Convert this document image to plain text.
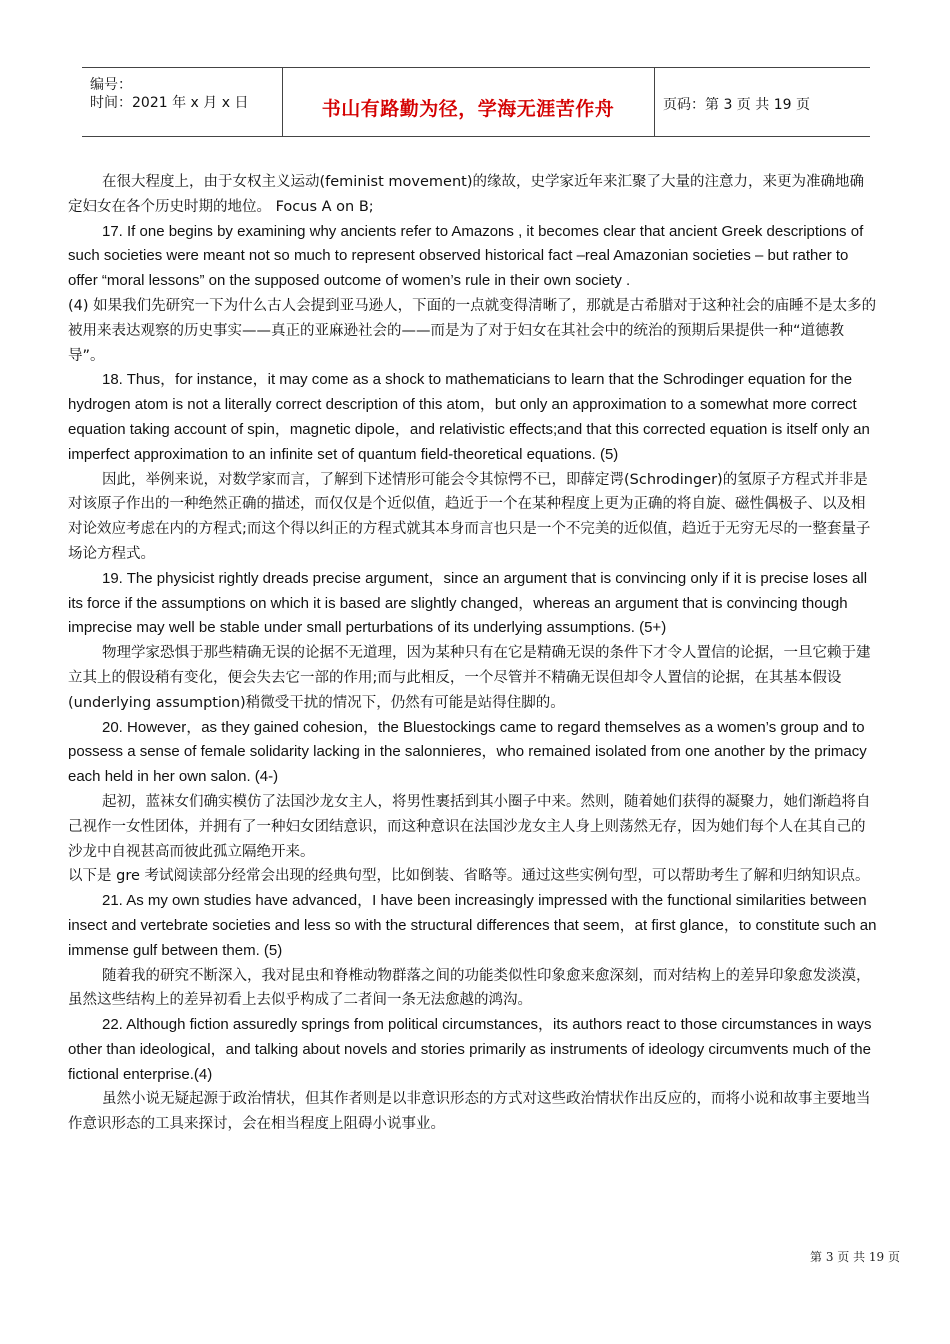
编号：
时间：2021 年 x 月 x 日	书山有路勤为径，学海无涯苦作舟	页码：第 3 页 共 19 页

在很大程度上，由于女权主义运动(feminist movement)的缘故，史学家近年来汇聚了大量的注意力，来更为准确地确定妇女在各个历史时期的地位。 Focus A on B;

17. If one begins by examining why ancients refer to Amazons , it becomes clear that ancient Greek descriptions of such societies were meant not so much to represent observed historical fact –real Amazonian societies – but rather to offer “moral lessons” on the supposed outcome of women’s rule in their own society .

(4) 如果我们先研究一下为什么古人会提到亚马逊人，下面的一点就变得清晰了，那就是古希腊对于这种社会的庙睡不是太多的被用来表达观察的历史事实——真正的亚麻逊社会的——而是为了对于妇女在其社会中的统治的预期后果提供一种“道德教导”。

18. Thus，for instance，it may come as a shock to mathematicians to learn that the Schrodinger equation for the hydrogen atom is not a literally correct description of this atom，but only an approximation to a somewhat more correct equation taking account of spin，magnetic dipole，and relativistic effects;and that this corrected equation is itself only an imperfect approximation to an infinite set of quantum field-theoretical equations. (5)

因此，举例来说，对数学家而言，了解到下述情形可能会令其惊愕不已，即薛定谔(Schrodinger)的氢原子方程式并非是对该原子作出的一种绝然正确的描述，而仅仅是个近似值，趋近于一个在某种程度上更为正确的将自旋、磁性偶极子、以及相对论效应考虑在内的方程式;而这个得以纠正的方程式就其本身而言也只是一个不完美的近似值，趋近于无穷无尽的一整套量子场论方程式。

19. The physicist rightly dreads precise argument，since an argument that is convincing only if it is precise loses all its force if the assumptions on which it is based are slightly changed，whereas an argument that is convincing though imprecise may well be stable under small perturbations of its underlying assumptions. (5+)

物理学家恐惧于那些精确无误的论据不无道理，因为某种只有在它是精确无误的条件下才令人置信的论据，一旦它赖于建立其上的假设稍有变化，便会失去它一部的作用;而与此相反，一个尽管并不精确无误但却令人置信的论据，在其基本假设(underlying assumption)稍微受干扰的情况下，仍然有可能是站得住脚的。

20. However，as they gained cohesion，the Bluestockings came to regard themselves as a women’s group and to possess a sense of female solidarity lacking in the salonnieres，who remained isolated from one another by the primacy each held in her own salon. (4-)

起初，蓝袜女们确实模仿了法国沙龙女主人，将男性裹括到其小圈子中来。然则，随着她们获得的凝聚力，她们渐趋将自己视作一女性团体，并拥有了一种妇女团结意识，而这种意识在法国沙龙女主人身上则荡然无存，因为她们每个人在其自己的沙龙中自视甚高而彼此孤立隔绝开来。

以下是 gre 考试阅读部分经常会出现的经典句型，比如倒装、省略等。通过这些实例句型，可以帮助考生了解和归纳知识点。

21. As my own studies have advanced，I have been increasingly impressed with the functional similarities between insect and vertebrate societies and less so with the structural differences that seem，at first glance，to constitute such an immense gulf between them. (5)

随着我的研究不断深入，我对昆虫和脊椎动物群落之间的功能类似性印象愈来愈深刻，而对结构上的差异印象愈发淡漠，虽然这些结构上的差异初看上去似乎构成了二者间一条无法愈越的鸿沟。

22. Although fiction assuredly springs from political circumstances，its authors react to those circumstances in ways other than ideological，and talking about novels and stories primarily as instruments of ideology circumvents much of the fictional enterprise.(4)

虽然小说无疑起源于政治情状，但其作者则是以非意识形态的方式对这些政治情状作出反应的，而将小说和故事主要地当作意识形态的工具来探讨，会在相当程度上阻碍小说事业。

第 3 页 共 19 页
